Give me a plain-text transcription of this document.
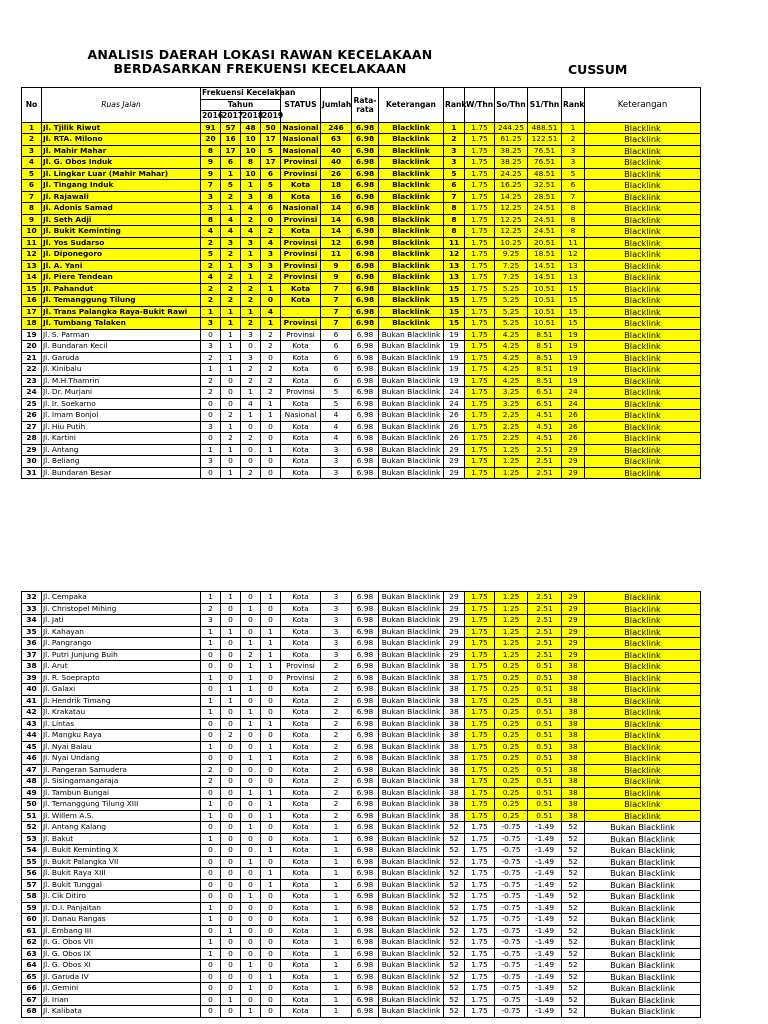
ANALISIS DAERAH LOKASI RAWAN KECELAKAAN
BERDASARKAN FREKUENSI KECELAKAAN	CUSSUM
No	Ruas Jalan	Frekuensi Kecelakaan				STATUS	Jumlah	Rata-rata	Keterangan	Rank	W/Thn	So/Thn	S1/Thn	Rank	Keterangan
		Tahun													
		2016	2017	2018	2019										
1	Jl. Tjilik Riwut	91	57	48	50	Nasional	246	6.98	Blacklink	1	1.75	244.25	488.51	1	Blacklink
2	Jl. RTA. Milono	20	16	10	17	Nasional	63	6.98	Blacklink	2	1.75	61.25	122.51	2	Blacklink
3	Jl. Mahir Mahar	8	17	10	5	Nasional	40	6.98	Blacklink	3	1.75	38.25	76.51	3	Blacklink
4	Jl. G. Obos Induk	9	6	8	17	Provinsi	40	6.98	Blacklink	3	1.75	38.25	76.51	3	Blacklink
5	Jl. Lingkar Luar (Mahir Mahar)	9	1	10	6	Provinsi	26	6.98	Blacklink	5	1.75	24.25	48.51	5	Blacklink
6	Jl. Tingang Induk	7	5	1	5	Kota	18	6.98	Blacklink	6	1.75	16.25	32.51	6	Blacklink
7	Jl. Rajawali	3	2	3	8	Kota	16	6.98	Blacklink	7	1.75	14.25	28.51	7	Blacklink
8	Jl. Adonis Samad	3	1	4	6	Nasional	14	6.98	Blacklink	8	1.75	12.25	24.51	8	Blacklink
9	Jl. Seth Adji	8	4	2	0	Provinsi	14	6.98	Blacklink	8	1.75	12.25	24.51	8	Blacklink
10	Jl. Bukit Keminting	4	4	4	2	Kota	14	6.98	Blacklink	8	1.75	12.25	24.51	8	Blacklink
11	Jl. Yos Sudarso	2	3	3	4	Provinsi	12	6.98	Blacklink	11	1.75	10.25	20.51	11	Blacklink
12	Jl. Diponegoro	5	2	1	3	Provinsi	11	6.98	Blacklink	12	1.75	9.25	18.51	12	Blacklink
13	Jl. A. Yani	2	1	3	3	Provinsi	9	6.98	Blacklink	13	1.75	7.25	14.51	13	Blacklink
14	Jl. Piere Tendean	4	2	1	2	Provinsi	9	6.98	Blacklink	13	1.75	7.25	14.51	13	Blacklink
15	Jl. Pahandut	2	2	2	1	Kota	7	6.98	Blacklink	15	1.75	5.25	10.51	15	Blacklink
16	Jl. Temanggung Tilung	2	2	2	0	Kota	7	6.98	Blacklink	15	1.75	5.25	10.51	15	Blacklink
17	Jl. Trans Palangka Raya-Bukit Rawi	1	1	1	4		7	6.98	Blacklink	15	1.75	5.25	10.51	15	Blacklink
18	Jl. Tumbang Talaken	3	1	2	1	Provinsi	7	6.98	Blacklink	15	1.75	5.25	10.51	15	Blacklink
19	Jl. S. Parman	0	1	3	2	Provinsi	6	6.98	Bukan Blacklink	19	1.75	4.25	8.51	19	Blacklink
20	Jl. Bundaran Kecil	3	1	0	2	Kota	6	6.98	Bukan Blacklink	19	1.75	4.25	8.51	19	Blacklink
21	Jl. Garuda	2	1	3	0	Kota	6	6.98	Bukan Blacklink	19	1.75	4.25	8.51	19	Blacklink
22	Jl. Kinibalu	1	1	2	2	Kota	6	6.98	Bukan Blacklink	19	1.75	4.25	8.51	19	Blacklink
23	Jl. M.H.Thamrin	2	0	2	2	Kota	6	6.98	Bukan Blacklink	19	1.75	4.25	8.51	19	Blacklink
24	Jl. Dr. Murjani	2	0	1	2	Provinsi	5	6.98	Bukan Blacklink	24	1.75	3.25	6.51	24	Blacklink
25	Jl. Ir. Soekarno	0	0	4	1	Kota	5	6.98	Bukan Blacklink	24	1.75	3.25	6.51	24	Blacklink
26	Jl. Imam Bonjol	0	2	1	1	Nasional	4	6.98	Bukan Blacklink	26	1.75	2.25	4.51	26	Blacklink
27	Jl. Hiu Putih	3	1	0	0	Kota	4	6.98	Bukan Blacklink	26	1.75	2.25	4.51	26	Blacklink
28	Jl. Kartini	0	2	2	0	Kota	4	6.98	Bukan Blacklink	26	1.75	2.25	4.51	26	Blacklink
29	Jl. Antang	1	1	0	1	Kota	3	6.98	Bukan Blacklink	29	1.75	1.25	2.51	29	Blacklink
30	Jl. Beliang	3	0	0	0	Kota	3	6.98	Bukan Blacklink	29	1.75	1.25	2.51	29	Blacklink
31	Jl. Bundaran Besar	0	1	2	0	Kota	3	6.98	Bukan Blacklink	29	1.75	1.25	2.51	29	Blacklink
32	Jl. Cempaka	1	1	0	1	Kota	3	6.98	Bukan Blacklink	29	1.75	1.25	2.51	29	Blacklink
33	Jl. Christopel Mihing	2	0	1	0	Kota	3	6.98	Bukan Blacklink	29	1.75	1.25	2.51	29	Blacklink
34	Jl. Jati	3	0	0	0	Kota	3	6.98	Bukan Blacklink	29	1.75	1.25	2.51	29	Blacklink
35	Jl. Kahayan	1	1	0	1	Kota	3	6.98	Bukan Blacklink	29	1.75	1.25	2.51	29	Blacklink
36	Jl. Pangrango	1	0	1	1	Kota	3	6.98	Bukan Blacklink	29	1.75	1.25	2.51	29	Blacklink
37	Jl. Putri Junjung Buih	0	0	2	1	Kota	3	6.98	Bukan Blacklink	29	1.75	1.25	2.51	29	Blacklink
38	Jl. Arut	0	0	1	1	Provinsi	2	6.98	Bukan Blacklink	38	1.75	0.25	0.51	38	Blacklink
39	Jl. R. Soeprapto	1	0	1	0	Provinsi	2	6.98	Bukan Blacklink	38	1.75	0.25	0.51	38	Blacklink
40	Jl. Galaxi	0	1	1	0	Kota	2	6.98	Bukan Blacklink	38	1.75	0.25	0.51	38	Blacklink
41	Jl. Hendrik Timang	1	1	0	0	Kota	2	6.98	Bukan Blacklink	38	1.75	0.25	0.51	38	Blacklink
42	Jl. Krakatau	1	0	1	0	Kota	2	6.98	Bukan Blacklink	38	1.75	0.25	0.51	38	Blacklink
43	Jl. Lintas	0	0	1	1	Kota	2	6.98	Bukan Blacklink	38	1.75	0.25	0.51	38	Blacklink
44	Jl. Mangku Raya	0	2	0	0	Kota	2	6.98	Bukan Blacklink	38	1.75	0.25	0.51	38	Blacklink
45	Jl. Nyai Balau	1	0	0	1	Kota	2	6.98	Bukan Blacklink	38	1.75	0.25	0.51	38	Blacklink
46	Jl. Nyai Undang	0	0	1	1	Kota	2	6.98	Bukan Blacklink	38	1.75	0.25	0.51	38	Blacklink
47	Jl. Pangeran Samudera	2	0	0	0	Kota	2	6.98	Bukan Blacklink	38	1.75	0.25	0.51	38	Blacklink
48	Jl. Sisingamangaraja	2	0	0	0	Kota	2	6.98	Bukan Blacklink	38	1.75	0.25	0.51	38	Blacklink
49	Jl. Tambun Bungai	0	0	1	1	Kota	2	6.98	Bukan Blacklink	38	1.75	0.25	0.51	38	Blacklink
50	Jl. Temanggung Tilung XIII	1	0	0	1	Kota	2	6.98	Bukan Blacklink	38	1.75	0.25	0.51	38	Blacklink
51	Jl. Willem A.S.	1	0	0	1	Kota	2	6.98	Bukan Blacklink	38	1.75	0.25	0.51	38	Blacklink
52	Jl. Antang Kalang	0	0	1	0	Kota	1	6.98	Bukan Blacklink	52	1.75	-0.75	-1.49	52	Bukan Blacklink
53	Jl. Bakut	1	0	0	0	Kota	1	6.98	Bukan Blacklink	52	1.75	-0.75	-1.49	52	Bukan Blacklink
54	Jl. Bukit Keminting X	0	0	0	1	Kota	1	6.98	Bukan Blacklink	52	1.75	-0.75	-1.49	52	Bukan Blacklink
55	Jl. Bukit Palangka VII	0	0	1	0	Kota	1	6.98	Bukan Blacklink	52	1.75	-0.75	-1.49	52	Bukan Blacklink
56	Jl. Bukit Raya XIII	0	0	0	1	Kota	1	6.98	Bukan Blacklink	52	1.75	-0.75	-1.49	52	Bukan Blacklink
57	Jl. Bukit Tunggal	0	0	0	1	Kota	1	6.98	Bukan Blacklink	52	1.75	-0.75	-1.49	52	Bukan Blacklink
58	Jl. Cik Ditiro	0	0	1	0	Kota	1	6.98	Bukan Blacklink	52	1.75	-0.75	-1.49	52	Bukan Blacklink
59	Jl. D.I. Panjaitan	1	0	0	0	Kota	1	6.98	Bukan Blacklink	52	1.75	-0.75	-1.49	52	Bukan Blacklink
60	Jl. Danau Rangas	1	0	0	0	Kota	1	6.98	Bukan Blacklink	52	1.75	-0.75	-1.49	52	Bukan Blacklink
61	Jl. Embang III	0	1	0	0	Kota	1	6.98	Bukan Blacklink	52	1.75	-0.75	-1.49	52	Bukan Blacklink
62	Jl. G. Obos VII	1	0	0	0	Kota	1	6.98	Bukan Blacklink	52	1.75	-0.75	-1.49	52	Bukan Blacklink
63	Jl. G. Obos IX	1	0	0	0	Kota	1	6.98	Bukan Blacklink	52	1.75	-0.75	-1.49	52	Bukan Blacklink
64	Jl. G. Obos XI	0	0	1	0	Kota	1	6.98	Bukan Blacklink	52	1.75	-0.75	-1.49	52	Bukan Blacklink
65	Jl. Garuda IV	0	0	0	1	Kota	1	6.98	Bukan Blacklink	52	1.75	-0.75	-1.49	52	Bukan Blacklink
66	Jl. Gemini	0	0	1	0	Kota	1	6.98	Bukan Blacklink	52	1.75	-0.75	-1.49	52	Bukan Blacklink
67	Jl. Irian	0	1	0	0	Kota	1	6.98	Bukan Blacklink	52	1.75	-0.75	-1.49	52	Bukan Blacklink
68	Jl. Kalibata	0	0	1	0	Kota	1	6.98	Bukan Blacklink	52	1.75	-0.75	-1.49	52	Bukan Blacklink
